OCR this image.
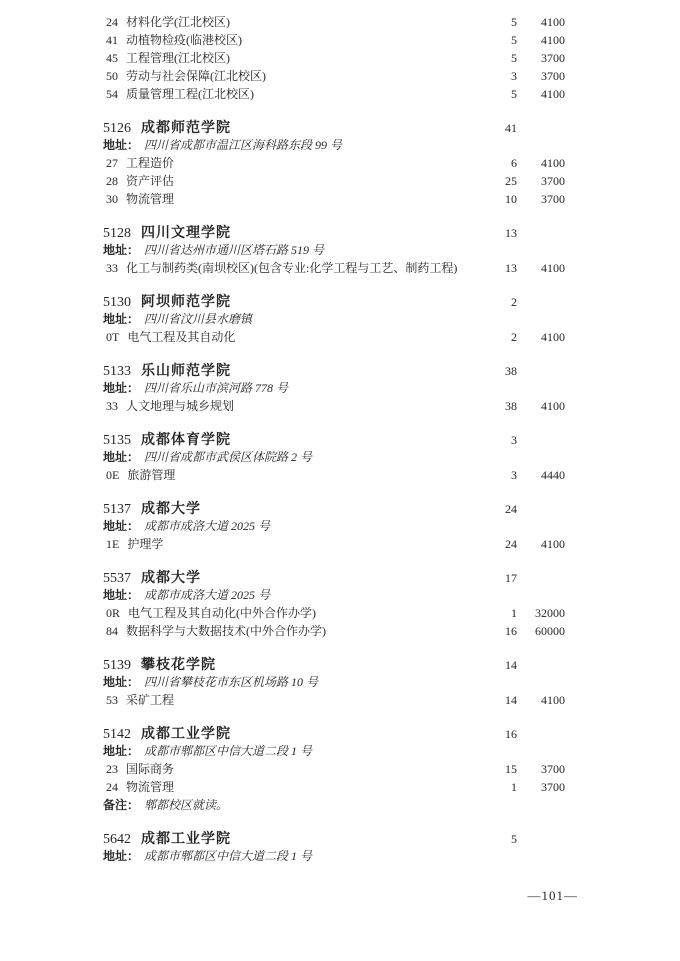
24 材料化学(江北校区)	5	4100
41 动植物检疫(临港校区)	5	4100
45 工程管理(江北校区)	5	3700
50 劳动与社会保障(江北校区)	3	3700
54 质量管理工程(江北校区)	5	4100
5126 成都师范学院	41
地址： 四川省成都市温江区海科路东段 99 号
27 工程造价	6	4100
28 资产评估	25	3700
30 物流管理	10	3700
5128 四川文理学院	13
地址： 四川省达州市通川区塔石路 519 号
33 化工与制药类(南坝校区)(包含专业:化学工程与工艺、制药工程)	13	4100
5130 阿坝师范学院	2
地址： 四川省汶川县水磨镇
0T 电气工程及其自动化	2	4100
5133 乐山师范学院	38
地址： 四川省乐山市滨河路 778 号
33 人文地理与城乡规划	38	4100
5135 成都体育学院	3
地址： 四川省成都市武侯区体院路 2 号
0E 旅游管理	3	4440
5137 成都大学	24
地址： 成都市成洛大道 2025 号
1E 护理学	24	4100
5537 成都大学	17
地址： 成都市成洛大道 2025 号
0R 电气工程及其自动化(中外合作办学)	1	32000
84 数据科学与大数据技术(中外合作办学)	16	60000
5139 攀枝花学院	14
地址： 四川省攀枝花市东区机场路 10 号
53 采矿工程	14	4100
5142 成都工业学院	16
地址： 成都市郫都区中信大道二段 1 号
23 国际商务	15	3700
24 物流管理	1	3700
备注： 郫都校区就读。
5642 成都工业学院	5
地址： 成都市郫都区中信大道二段 1 号
—101—
